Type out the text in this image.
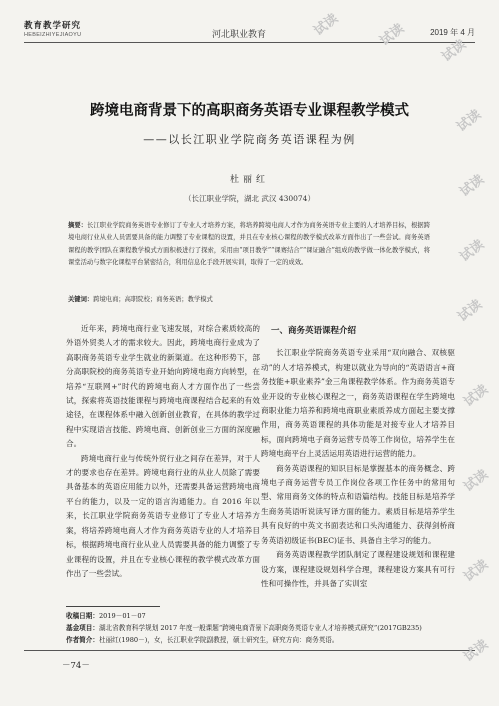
教育教学研究
HEBEIZHIYEJIAOYU	河北职业教育	2019 年 4 月
跨境电商背景下的高职商务英语专业课程教学模式
——以长江职业学院商务英语课程为例
杜丽红
（长江职业学院，湖北 武汉 430074）
摘要：长江职业学院商务英语专业修订了专业人才培养方案，将培养跨境电商人才作为商务英语专业主要的人才培养目标，根据跨境电商行业从业人员需要具备的能力调整了专业课程的设置，并且在专业核心课程的教学模式改革方面作出了一些尝试。商务英语课程的教学团队在课程教学模式方面积极进行了探索，采用由“项目教学”“课赛结合”“课证融合”组成的教学做一体化教学模式，将课堂活动与数字化课程平台紧密结合，利用信息化手段开展实训，取得了一定的成效。
关键词：跨境电商；高职院校；商务英语；教学模式

近年来，跨境电商行业飞速发展，对综合素质较高的外语外贸类人才的需求较大。因此，跨境电商行业成为了高职商务英语专业学生就业的新渠道。在这种形势下，部分高职院校的商务英语专业开始向跨境电商方向转型，在培养“互联网+”时代的跨境电商人才方面作出了一些尝试，探索将英语技能课程与跨境电商课程结合起来的有效途径，在课程体系中融入创新创业教育，在具体的教学过程中实现语言技能、跨境电商、创新创业三方面的深度融合。

跨境电商行业与传统外贸行业之间存在差异，对于人才的要求也存在差异。跨境电商行业的从业人员除了需要具备基本的英语应用能力以外，还需要具备运营跨境电商平台的能力，以及一定的语言沟通能力。自 2016 年以来，长江职业学院商务英语专业修订了专业人才培养方案，将培养跨境电商人才作为商务英语专业的人才培养目标，根据跨境电商行业从业人员需要具备的能力调整了专业课程的设置，并且在专业核心课程的教学模式改革方面作出了一些尝试。

一、商务英语课程介绍

长江职业学院商务英语专业采用“双向融合、双核驱动”的人才培养模式，构建以就业为导向的“英语语言+商务技能+职业素养”金三角课程教学体系。作为商务英语专业开设的专业核心课程之一，商务英语课程在学生跨境电商职业能力培养和跨境电商职业素质养成方面起主要支撑作用，商务英语课程的具体功能是对接专业人才培养目标，面向跨境电子商务运营专员等工作岗位，培养学生在跨境电商平台上灵活运用英语进行运营的能力。

商务英语课程的知识目标是掌握基本的商务概念、跨境电子商务运营专员工作岗位各项工作任务中的常用句型、常用商务文体的特点和语篇结构。技能目标是培养学生商务英语听说读写译方面的能力。素质目标是培养学生具有良好的中英文书面表达和口头沟通能力、获得剑桥商务英语初级证书(BEC)证书、具备自主学习的能力。

商务英语课程教学团队制定了课程建设规划和课程建设方案，课程建设规划科学合理，课程建设方案具有可行性和可操作性，并具备了实训室

收稿日期：2019－01－07
基金项目：湖北省教育科学规划 2017 年度一般课题“跨境电商背景下高职商务英语专业人才培养模式研究”(2017GB235)
作者简介：杜丽红(1980－)，女，长江职业学院副教授，硕士研究生，研究方向：商务英语。
－74－
试读	试读
试读
试读
试读
试读
试读
试读
试读
试读
试读
